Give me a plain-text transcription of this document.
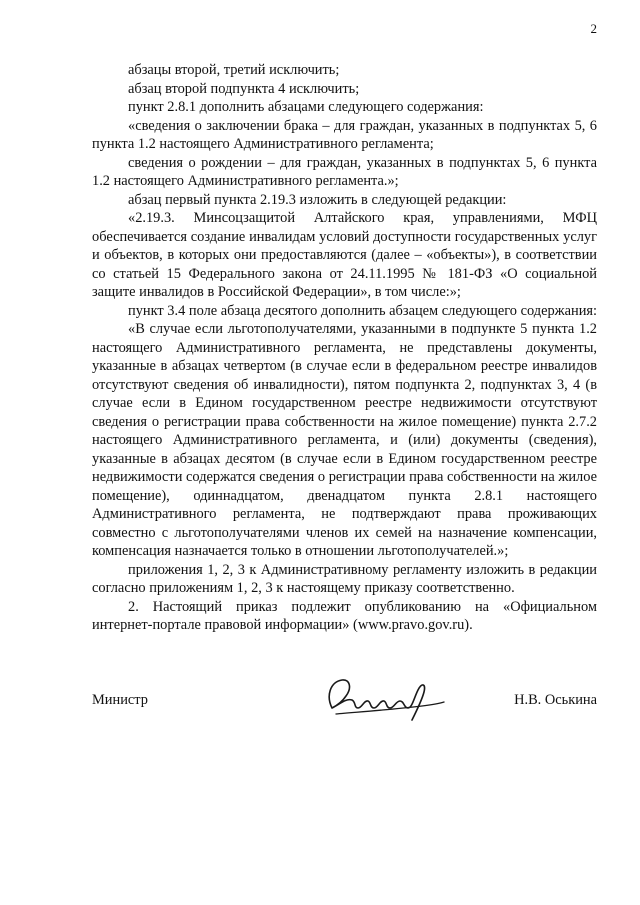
2

абзацы второй, третий исключить;

абзац второй подпункта 4 исключить;

пункт 2.8.1 дополнить абзацами следующего содержания:

«сведения о заключении брака – для граждан, указанных в подпунктах 5, 6 пункта 1.2 настоящего Административного регламента;

сведения о рождении – для граждан, указанных в подпунктах 5, 6 пункта 1.2 настоящего Административного регламента.»;

абзац первый пункта 2.19.3 изложить в следующей редакции:

«2.19.3. Минсоцзащитой Алтайского края, управлениями, МФЦ обеспечивается создание инвалидам условий доступности государственных услуг и объектов, в которых они предоставляются (далее – «объекты»), в соответствии со статьей 15 Федерального закона от 24.11.1995 № 181-ФЗ «О социальной защите инвалидов в Российской Федерации», в том числе:»;

пункт 3.4 поле абзаца десятого дополнить абзацем следующего содержания:

«В случае если льготополучателями, указанными в подпункте 5 пункта 1.2 настоящего Административного регламента, не представлены документы, указанные в абзацах четвертом (в случае если в федеральном реестре инвалидов отсутствуют сведения об инвалидности), пятом подпункта 2, подпунктах 3, 4 (в случае если в Едином государственном реестре недвижимости отсутствуют сведения о регистрации права собственности на жилое помещение) пункта 2.7.2 настоящего Административного регламента, и (или) документы (сведения), указанные в абзацах десятом (в случае если в Едином государственном реестре недвижимости содержатся сведения о регистрации права собственности на жилое помещение), одиннадцатом, двенадцатом пункта 2.8.1 настоящего Административного регламента, не подтверждают права проживающих совместно с льготополучателями членов их семей на назначение компенсации, компенсация назначается только в отношении льготополучателей.»;

приложения 1, 2, 3 к Административному регламенту изложить в редакции согласно приложениям 1, 2, 3 к настоящему приказу соответственно.

2. Настоящий приказ подлежит опубликованию на «Официальном интернет-портале правовой информации» (www.pravo.gov.ru).

Министр	Н.В. Оськина
